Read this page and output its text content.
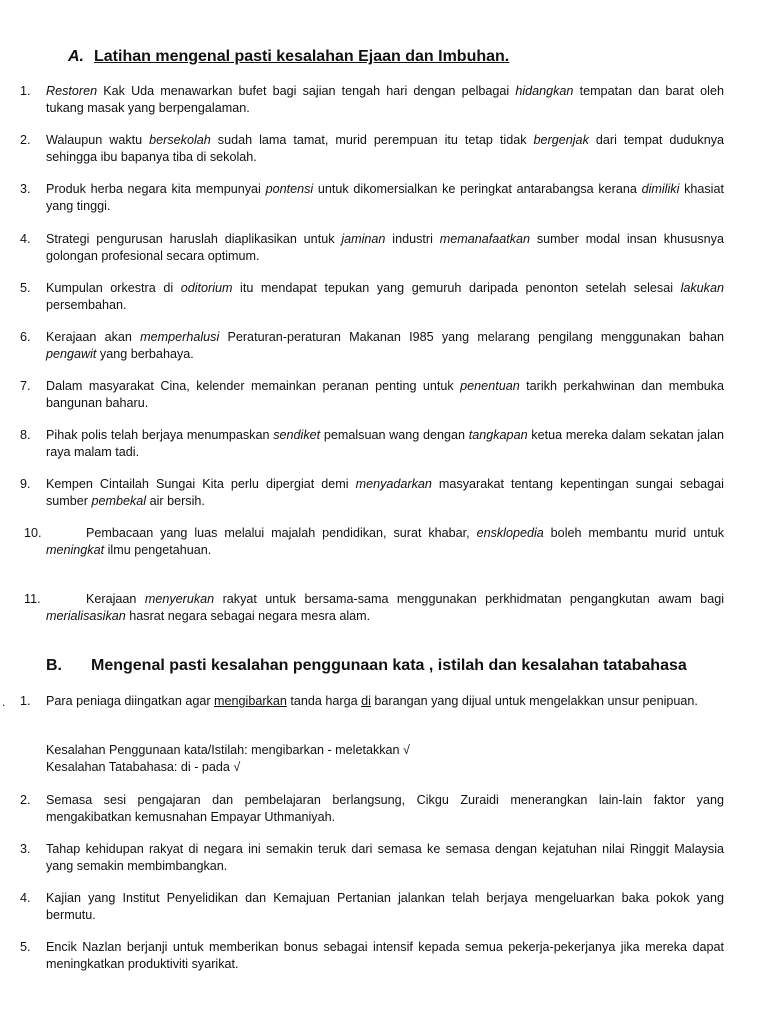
A. Latihan mengenal pasti kesalahan Ejaan dan Imbuhan.
1. Restoren Kak Uda menawarkan bufet bagi sajian tengah hari dengan pelbagai hidangkan tempatan dan barat oleh tukang masak yang berpengalaman.
2. Walaupun waktu bersekolah sudah lama tamat, murid perempuan itu tetap tidak bergenjak dari tempat duduknya sehingga ibu bapanya tiba di sekolah.
3. Produk herba negara kita mempunyai pontensi untuk dikomersialkan ke peringkat antarabangsa kerana dimiliki khasiat yang tinggi.
4. Strategi pengurusan haruslah diaplikasikan untuk jaminan industri memanafaatkan sumber modal insan khususnya golongan profesional secara optimum.
5. Kumpulan orkestra di oditorium itu mendapat tepukan yang gemuruh daripada penonton setelah selesai lakukan persembahan.
6. Kerajaan akan memperhalusi Peraturan-peraturan Makanan I985 yang melarang pengilang menggunakan bahan pengawit yang berbahaya.
7. Dalam masyarakat Cina, kelender memainkan peranan penting untuk penentuan tarikh perkahwinan dan membuka bangunan baharu.
8. Pihak polis telah berjaya menumpaskan sendiket pemalsuan wang dengan tangkapan ketua mereka dalam sekatan jalan raya malam tadi.
9. Kempen Cintailah Sungai Kita perlu dipergiat demi menyadarkan masyarakat tentang kepentingan sungai sebagai sumber pembekal air bersih.
10.	Pembacaan yang luas melalui majalah pendidikan, surat khabar, ensklopedia boleh membantu murid untuk meningkat ilmu pengetahuan.
11.	Kerajaan menyerukan rakyat untuk bersama-sama menggunakan perkhidmatan pengangkutan awam bagi merialisasikan hasrat negara sebagai negara mesra alam.
B. Mengenal pasti kesalahan penggunaan kata , istilah dan kesalahan tatabahasa
. 1. Para peniaga diingatkan agar mengibarkan tanda harga di barangan yang dijual untuk mengelakkan unsur penipuan.
2. Semasa sesi pengajaran dan pembelajaran berlangsung, Cikgu Zuraidi menerangkan lain-lain faktor yang mengakibatkan kemusnahan Empayar Uthmaniyah.
3. Tahap kehidupan rakyat di negara ini semakin teruk dari semasa ke semasa dengan kejatuhan nilai Ringgit Malaysia yang semakin membimbangkan.
4. Kajian yang Institut Penyelidikan dan Kemajuan Pertanian jalankan telah berjaya mengeluarkan baka pokok yang bermutu.
5. Encik Nazlan berjanji untuk memberikan bonus sebagai intensif kepada semua pekerja-pekerjanya jika mereka dapat meningkatkan produktiviti syarikat.
Kesalahan Penggunaan kata/Istilah: mengibarkan - meletakkan √
Kesalahan Tatabahasa: di - pada √
